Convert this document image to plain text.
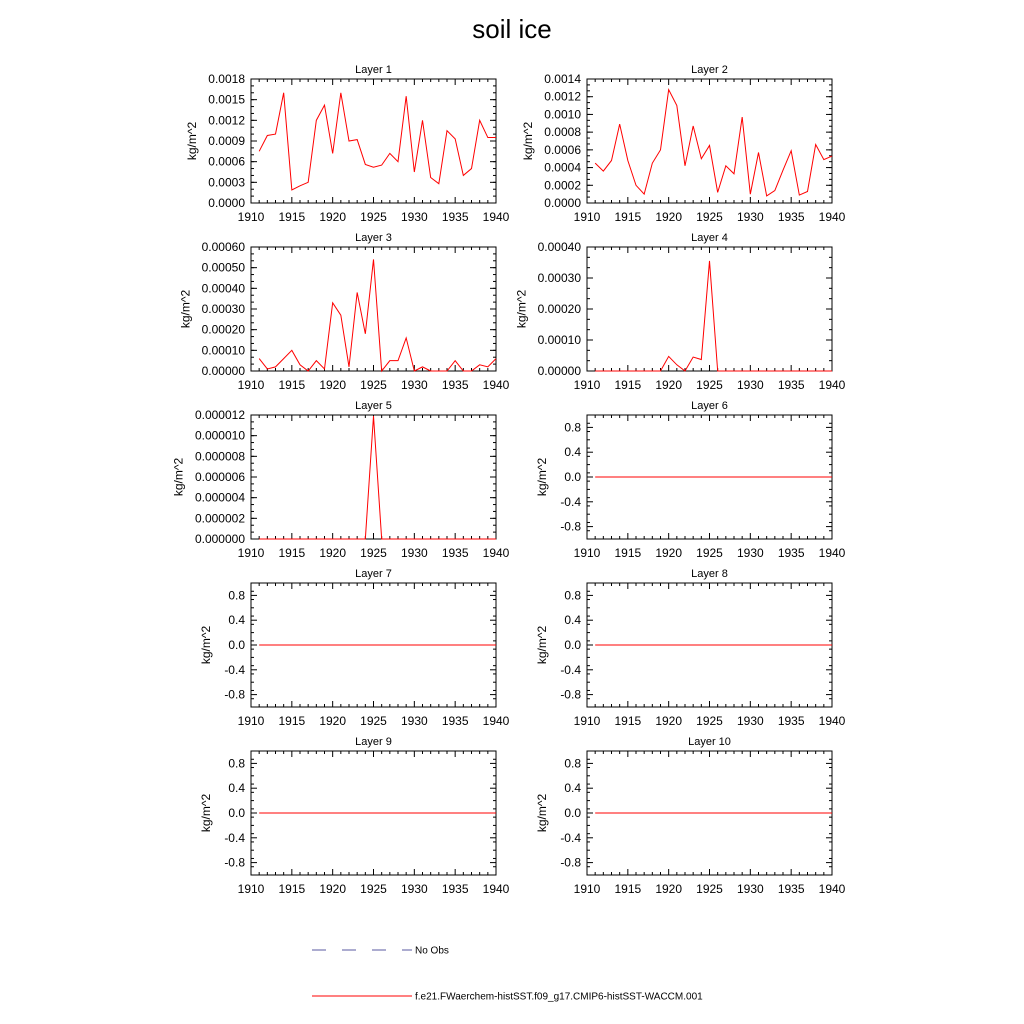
soil ice
Layer 1
1910 1915 1920 1925 1930 1935 1940
0.0018
0.0015
0.0012
0.0009
0.0006
0.0003
0.0000
kg/m^2
Layer 2
1910 1915 1920 1925 1930 1935 1940
0.0014
0.0012
0.0010
0.0008
0.0006
0.0004
0.0002
0.0000
kg/m^2
Layer 3
1910 1915 1920 1925 1930 1935 1940
0.00060
0.00050
0.00040
0.00030
0.00020
0.00010
0.00000
kg/m^2
Layer 4
1910 1915 1920 1925 1930 1935 1940
0.00040
0.00030
0.00020
0.00010
0.00000
kg/m^2
Layer 5
1910 1915 1920 1925 1930 1935 1940
0.000012
0.000010
0.000008
0.000006
0.000004
0.000002
0.000000
kg/m^2
Layer 6
1910 1915 1920 1925 1930 1935 1940
0.8
0.4
0.0
-0.4
-0.8
kg/m^2
Layer 7
1910 1915 1920 1925 1930 1935 1940
0.8
0.4
0.0
-0.4
-0.8
kg/m^2
Layer 8
1910 1915 1920 1925 1930 1935 1940
0.8
0.4
0.0
-0.4
-0.8
kg/m^2
Layer 9
1910 1915 1920 1925 1930 1935 1940
0.8
0.4
0.0
-0.4
-0.8
kg/m^2
Layer 10
1910 1915 1920 1925 1930 1935 1940
0.8
0.4
0.0
-0.4
-0.8
kg/m^2
No Obs
f.e21.FWaerchem-histSST.f09_g17.CMIP6-histSST-WACCM.001
